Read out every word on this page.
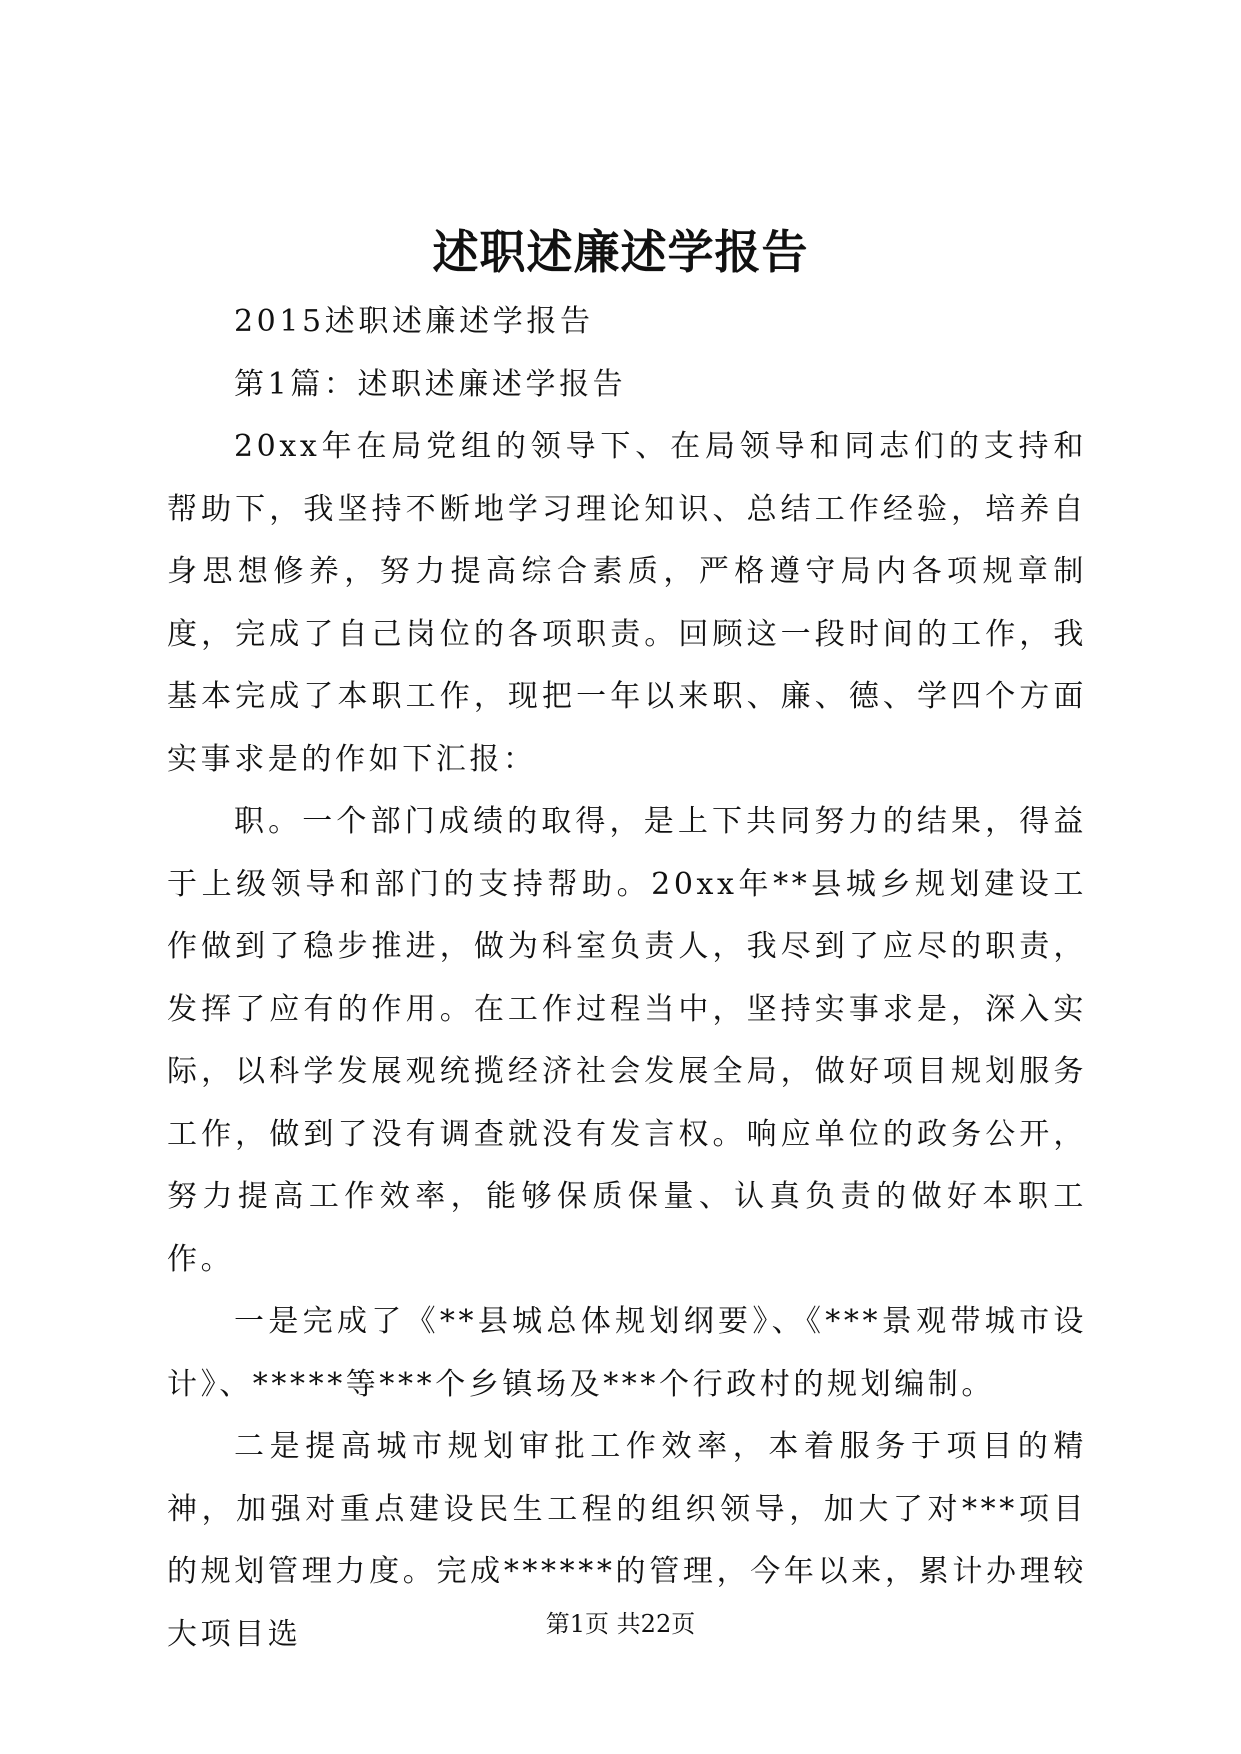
述职述廉述学报告

2015述职述廉述学报告

第1篇：述职述廉述学报告

20xx年在局党组的领导下、在局领导和同志们的支持和帮助下，我坚持不断地学习理论知识、总结工作经验，培养自身思想修养，努力提高综合素质，严格遵守局内各项规章制度，完成了自己岗位的各项职责。回顾这一段时间的工作，我基本完成了本职工作，现把一年以来职、廉、德、学四个方面实事求是的作如下汇报：

职。一个部门成绩的取得，是上下共同努力的结果，得益于上级领导和部门的支持帮助。20xx年**县城乡规划建设工作做到了稳步推进，做为科室负责人，我尽到了应尽的职责，发挥了应有的作用。在工作过程当中，坚持实事求是，深入实际，以科学发展观统揽经济社会发展全局，做好项目规划服务工作，做到了没有调查就没有发言权。响应单位的政务公开，努力提高工作效率，能够保质保量、认真负责的做好本职工作。

一是完成了《**县城总体规划纲要》、《***景观带城市设计》、*****等***个乡镇场及***个行政村的规划编制。

二是提高城市规划审批工作效率，本着服务于项目的精神，加强对重点建设民生工程的组织领导，加大了对***项目的规划管理力度。完成******的管理，今年以来，累计办理较大项目选	第1页 共22页
